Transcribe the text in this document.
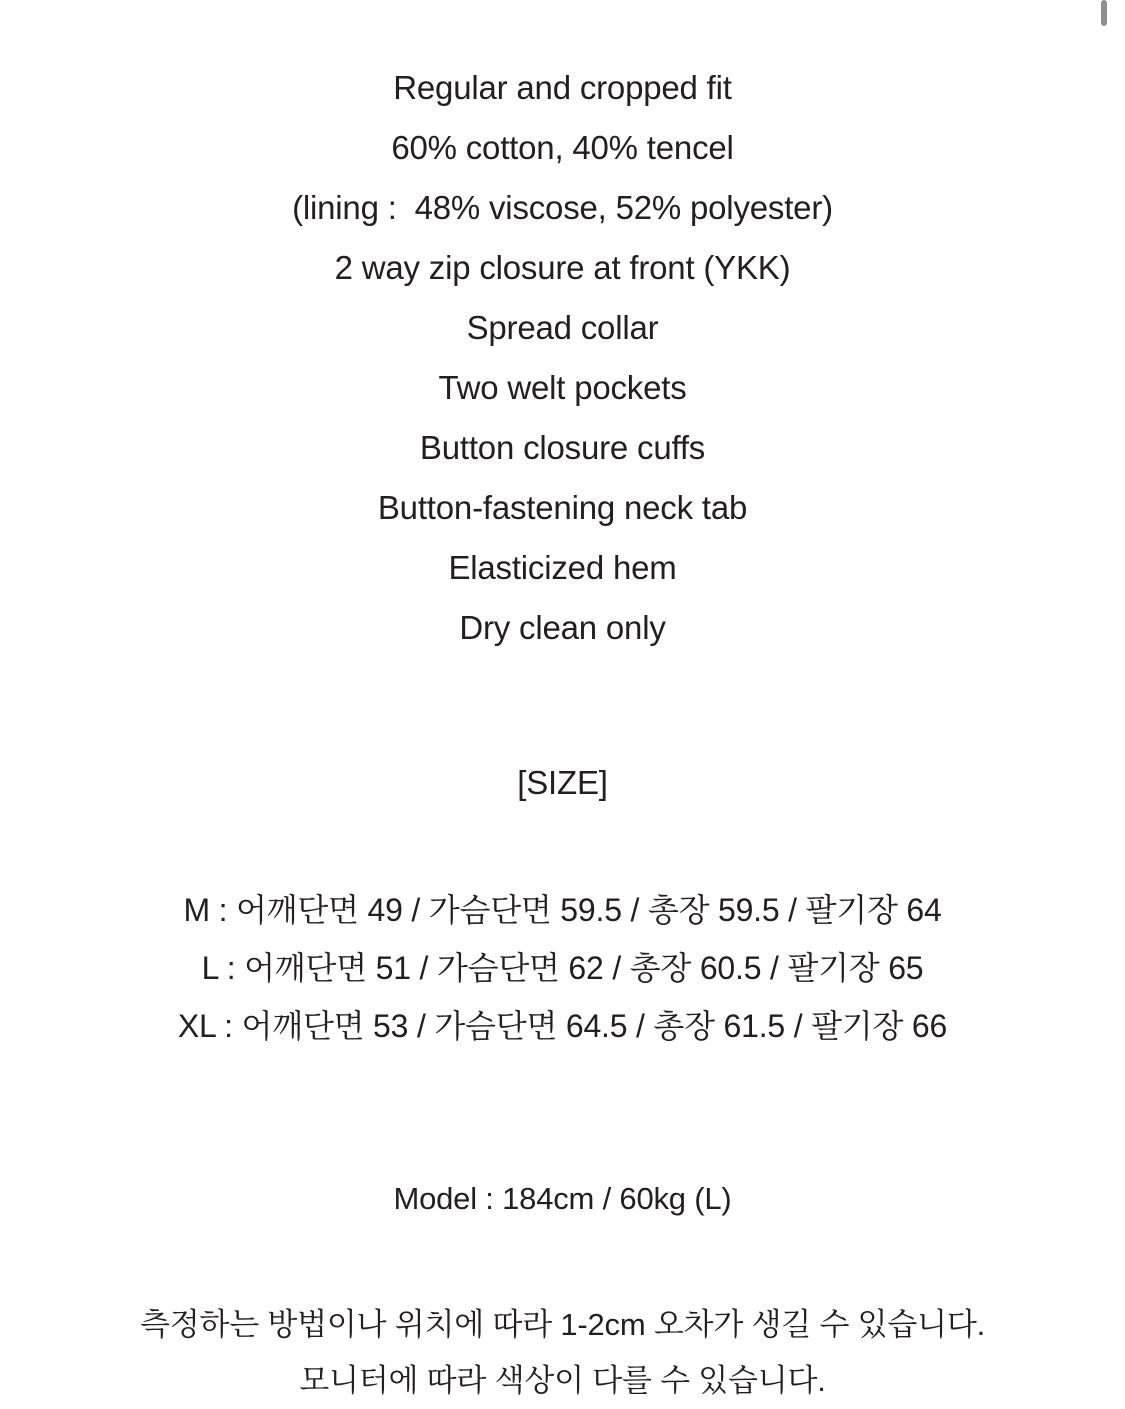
Regular and cropped fit
60% cotton, 40% tencel
(lining :  48% viscose, 52% polyester)
2 way zip closure at front (YKK)
Spread collar
Two welt pockets
Button closure cuffs
Button-fastening neck tab
Elasticized hem
Dry clean only
[SIZE]
M : 어깨단면 49 / 가슴단면 59.5 / 총장 59.5 / 팔기장 64
L : 어깨단면 51 / 가슴단면 62 / 총장 60.5 / 팔기장 65
XL : 어깨단면 53 / 가슴단면 64.5 / 총장 61.5 / 팔기장 66
Model : 184cm / 60kg (L)
측정하는 방법이나 위치에 따라 1-2cm 오차가 생길 수 있습니다.
모니터에 따라 색상이 다를 수 있습니다.
